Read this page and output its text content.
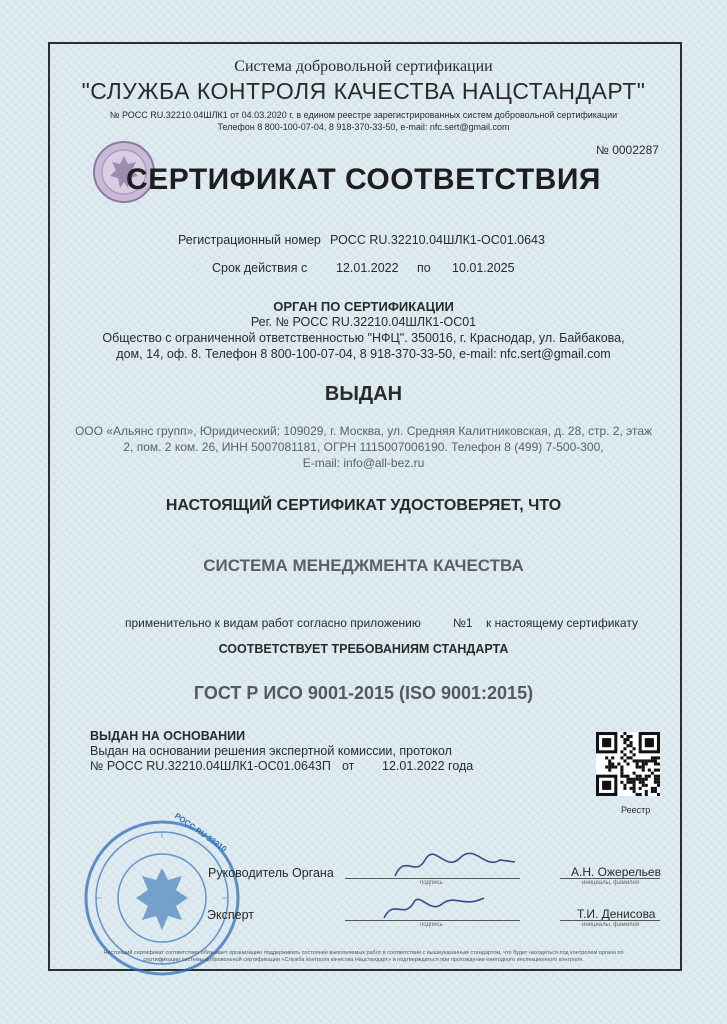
Система добровольной сертификации
"СЛУЖБА КОНТРОЛЯ КАЧЕСТВА НАЦСТАНДАРТ"
№ РОСС RU.32210.04ШЛК1 от 04.03.2020 г. в едином реестре зарегистрированных систем добровольной сертификации
Телефон 8 800-100-07-04, 8 918-370-33-50, e-mail: nfc.sert@gmail.com
№ 0002287
СЕРТИФИКАТ СООТВЕТСТВИЯ
Регистрационный номер РОСС RU.32210.04ШЛК1-ОС01.0643
Срок действия с 12.01.2022 по 10.01.2025
ОРГАН ПО СЕРТИФИКАЦИИ
Рег. № РОСС RU.32210.04ШЛК1-ОС01
Общество с ограниченной ответственностью "НФЦ". 350016, г. Краснодар, ул. Байбакова,
дом, 14, оф. 8. Телефон 8 800-100-07-04, 8 918-370-33-50, e-mail: nfc.sert@gmail.com
ВЫДАН
ООО «Альянс групп», Юридический: 109029, г. Москва, ул. Средняя Калитниковская, д. 28, стр. 2, этаж
2, пом. 2 ком. 26, ИНН 5007081181, ОГРН 1115007006190. Телефон 8 (499) 7-500-300,
E-mail: info@all-bez.ru
НАСТОЯЩИЙ СЕРТИФИКАТ УДОСТОВЕРЯЕТ, ЧТО
СИСТЕМА МЕНЕДЖМЕНТА КАЧЕСТВА
применительно к видам работ согласно приложению	№1 к настоящему сертификату
СООТВЕТСТВУЕТ ТРЕБОВАНИЯМ СТАНДАРТА
ГОСТ Р ИСО 9001-2015 (ISO 9001:2015)
ВЫДАН НА ОСНОВАНИИ
Выдан на основании решения экспертной комиссии, протокол
№ РОСС RU.32210.04ШЛК1-ОС01.0643П от 12.01.2022 года
Реестр
РОСС RU 32210
Руководитель Органа
подпись
А.Н. Ожерельев
инициалы, фамилия
Эксперт
подпись
Т.И. Денисова
инициалы, фамилия
Настоящий сертификат соответствия обязывает организацию поддерживать состояние выполняемых работ в соответствии с вышеуказанным стандартом, что будет находиться под контролем органа по
сертификации системы добровольной сертификации «Служба контроля качества Нацстандарт» и подтверждаться при прохождении ежегодного инспекционного контроля.
